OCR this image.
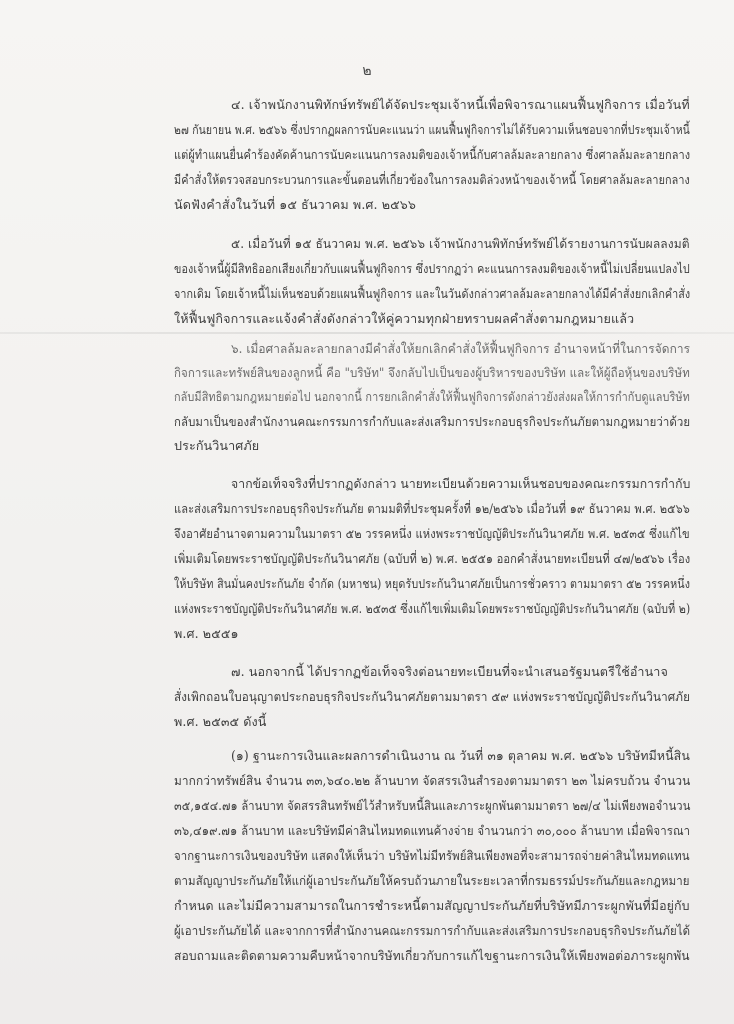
๒
๔. เจ้าพนักงานพิทักษ์ทรัพย์ได้จัดประชุมเจ้าหนี้เพื่อพิจารณาแผนฟื้นฟูกิจการ เมื่อวันที่
๒๗ กันยายน พ.ศ. ๒๕๖๖ ซึ่งปรากฏผลการนับคะแนนว่า แผนฟื้นฟูกิจการไม่ได้รับความเห็นชอบจากที่ประชุมเจ้าหนี้
แต่ผู้ทำแผนยื่นคำร้องคัดค้านการนับคะแนนการลงมติของเจ้าหนี้กับศาลล้มละลายกลาง ซึ่งศาลล้มละลายกลาง
มีคำสั่งให้ตรวจสอบกระบวนการและขั้นตอนที่เกี่ยวข้องในการลงมติล่วงหน้าของเจ้าหนี้ โดยศาลล้มละลายกลาง
นัดฟังคำสั่งในวันที่ ๑๕ ธันวาคม พ.ศ. ๒๕๖๖
๕. เมื่อวันที่ ๑๕ ธันวาคม พ.ศ. ๒๕๖๖ เจ้าพนักงานพิทักษ์ทรัพย์ได้รายงานการนับผลลงมติ
ของเจ้าหนี้ผู้มีสิทธิออกเสียงเกี่ยวกับแผนฟื้นฟูกิจการ ซึ่งปรากฏว่า คะแนนการลงมติของเจ้าหนี้ไม่เปลี่ยนแปลงไป
จากเดิม โดยเจ้าหนี้ไม่เห็นชอบด้วยแผนฟื้นฟูกิจการ และในวันดังกล่าวศาลล้มละลายกลางได้มีคำสั่งยกเลิกคำสั่ง
ให้ฟื้นฟูกิจการและแจ้งคำสั่งดังกล่าวให้คู่ความทุกฝ่ายทราบผลคำสั่งตามกฎหมายแล้ว
๖. เมื่อศาลล้มละลายกลางมีคำสั่งให้ยกเลิกคำสั่งให้ฟื้นฟูกิจการ อำนาจหน้าที่ในการจัดการ
กิจการและทรัพย์สินของลูกหนี้ คือ "บริษัท" จึงกลับไปเป็นของผู้บริหารของบริษัท และให้ผู้ถือหุ้นของบริษัท
กลับมีสิทธิตามกฎหมายต่อไป นอกจากนี้ การยกเลิกคำสั่งให้ฟื้นฟูกิจการดังกล่าวยังส่งผลให้การกำกับดูแลบริษัท
กลับมาเป็นของสำนักงานคณะกรรมการกำกับและส่งเสริมการประกอบธุรกิจประกันภัยตามกฎหมายว่าด้วย
ประกันวินาศภัย
จากข้อเท็จจริงที่ปรากฏดังกล่าว นายทะเบียนด้วยความเห็นชอบของคณะกรรมการกำกับ
และส่งเสริมการประกอบธุรกิจประกันภัย ตามมติที่ประชุมครั้งที่ ๑๒/๒๕๖๖ เมื่อวันที่ ๑๙ ธันวาคม พ.ศ. ๒๕๖๖
จึงอาศัยอำนาจตามความในมาตรา ๕๒ วรรคหนึ่ง แห่งพระราชบัญญัติประกันวินาศภัย พ.ศ. ๒๕๓๕ ซึ่งแก้ไข
เพิ่มเติมโดยพระราชบัญญัติประกันวินาศภัย (ฉบับที่ ๒) พ.ศ. ๒๕๕๑ ออกคำสั่งนายทะเบียนที่ ๔๗/๒๕๖๖ เรื่อง
ให้บริษัท สินมั่นคงประกันภัย จำกัด (มหาชน) หยุดรับประกันวินาศภัยเป็นการชั่วคราว ตามมาตรา ๕๒ วรรคหนึ่ง
แห่งพระราชบัญญัติประกันวินาศภัย พ.ศ. ๒๕๓๕ ซึ่งแก้ไขเพิ่มเติมโดยพระราชบัญญัติประกันวินาศภัย (ฉบับที่ ๒)
พ.ศ. ๒๕๕๑
๗. นอกจากนี้ ได้ปรากฏข้อเท็จจริงต่อนายทะเบียนที่จะนำเสนอรัฐมนตรีใช้อำนาจ
สั่งเพิกถอนใบอนุญาตประกอบธุรกิจประกันวินาศภัยตามมาตรา ๕๙ แห่งพระราชบัญญัติประกันวินาศภัย
พ.ศ. ๒๕๓๕ ดังนี้
(๑) ฐานะการเงินและผลการดำเนินงาน ณ วันที่ ๓๑ ตุลาคม พ.ศ. ๒๕๖๖ บริษัทมีหนี้สิน
มากกว่าทรัพย์สิน จำนวน ๓๓,๖๔๐.๒๒ ล้านบาท จัดสรรเงินสำรองตามมาตรา ๒๓ ไม่ครบถ้วน จำนวน
๓๕,๑๕๔.๗๑ ล้านบาท จัดสรรสินทรัพย์ไว้สำหรับหนี้สินและภาระผูกพันตามมาตรา ๒๗/๔ ไม่เพียงพอจำนวน
๓๖,๔๑๙.๗๑ ล้านบาท และบริษัทมีค่าสินไหมทดแทนค้างจ่าย จำนวนกว่า ๓๐,๐๐๐ ล้านบาท เมื่อพิจารณา
จากฐานะการเงินของบริษัท แสดงให้เห็นว่า บริษัทไม่มีทรัพย์สินเพียงพอที่จะสามารถจ่ายค่าสินไหมทดแทน
ตามสัญญาประกันภัยให้แก่ผู้เอาประกันภัยให้ครบถ้วนภายในระยะเวลาที่กรมธรรม์ประกันภัยและกฎหมาย
กำหนด และไม่มีความสามารถในการชำระหนี้ตามสัญญาประกันภัยที่บริษัทมีภาระผูกพันที่มีอยู่กับ
ผู้เอาประกันภัยได้ และจากการที่สำนักงานคณะกรรมการกำกับและส่งเสริมการประกอบธุรกิจประกันภัยได้
สอบถามและติดตามความคืบหน้าจากบริษัทเกี่ยวกับการแก้ไขฐานะการเงินให้เพียงพอต่อภาระผูกพัน
